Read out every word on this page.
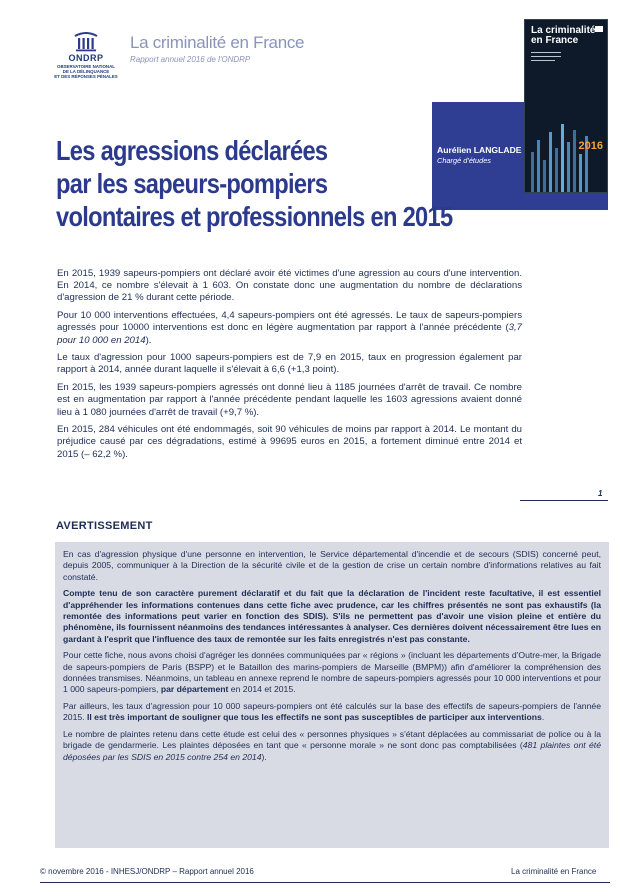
ONDRP
OBSERVATOIRE NATIONAL
DE LA DÉLINQUANCE
ET DES RÉPONSES PÉNALES
La criminalité en France
Rapport annuel 2016 de l'ONDRP
La criminalité
en France
▬▬▬▬▬▬▬▬▬▬
▬▬▬▬▬▬▬▬▬▬
▬▬▬▬▬▬▬▬
2016
Aurélien LANGLADE
Chargé d'études
Les agressions déclarées
par les sapeurs-pompiers
volontaires et professionnels en 2015

En 2015, 1939 sapeurs-pompiers ont déclaré avoir été victimes d'une agression au cours d'une intervention. En 2014, ce nombre s'élevait à 1 603. On constate donc une augmentation du nombre de déclarations d'agression de 21 % durant cette période.

Pour 10 000 interventions effectuées, 4,4 sapeurs-pompiers ont été agressés. Le taux de sapeurs-pompiers agressés pour 10000 interventions est donc en légère augmentation par rapport à l'année précédente (3,7 pour 10 000 en 2014).

Le taux d'agression pour 1000 sapeurs-pompiers est de 7,9 en 2015, taux en progression également par rapport à 2014, année durant laquelle il s'élevait à 6,6 (+1,3 point).

En 2015, les 1939 sapeurs-pompiers agressés ont donné lieu à 1185 journées d'arrêt de travail. Ce nombre est en augmentation par rapport à l'année précédente pendant laquelle les 1603 agressions avaient donné lieu à 1 080 journées d'arrêt de travail (+9,7 %).

En 2015, 284 véhicules ont été endommagés, soit 90 véhicules de moins par rapport à 2014. Le montant du préjudice causé par ces dégradations, estimé à 99695 euros en 2015, a fortement diminué entre 2014 et 2015 (– 62,2 %).

1
AVERTISSEMENT

En cas d'agression physique d'une personne en intervention, le Service départemental d'incendie et de secours (SDIS) concerné peut, depuis 2005, communiquer à la Direction de la sécurité civile et de la gestion de crise un certain nombre d'informations relatives au fait constaté.

Compte tenu de son caractère purement déclaratif et du fait que la déclaration de l'incident reste facultative, il est essentiel d'appréhender les informations contenues dans cette fiche avec prudence, car les chiffres présentés ne sont pas exhaustifs (la remontée des informations peut varier en fonction des SDIS). S'ils ne permettent pas d'avoir une vision pleine et entière du phénomène, ils fournissent néanmoins des tendances intéressantes à analyser. Ces dernières doivent nécessairement être lues en gardant à l'esprit que l'influence des taux de remontée sur les faits enregistrés n'est pas constante.

Pour cette fiche, nous avons choisi d'agréger les données communiquées par « régions » (incluant les départements d'Outre-mer, la Brigade de sapeurs-pompiers de Paris (BSPP) et le Bataillon des marins-pompiers de Marseille (BMPM)) afin d'améliorer la compréhension des données transmises. Néanmoins, un tableau en annexe reprend le nombre de sapeurs-pompiers agressés pour 10 000 interventions et pour 1 000 sapeurs-pompiers, par département en 2014 et 2015.

Par ailleurs, les taux d'agression pour 10 000 sapeurs-pompiers ont été calculés sur la base des effectifs de sapeurs-pompiers de l'année 2015. Il est très important de souligner que tous les effectifs ne sont pas susceptibles de participer aux interventions.

Le nombre de plaintes retenu dans cette étude est celui des « personnes physiques » s'étant déplacées au commissariat de police ou à la brigade de gendarmerie. Les plaintes déposées en tant que « personne morale » ne sont donc pas comptabilisées (481 plaintes ont été déposées par les SDIS en 2015 contre 254 en 2014).

© novembre 2016 - INHESJ/ONDRP – Rapport annuel 2016	La criminalité en France
